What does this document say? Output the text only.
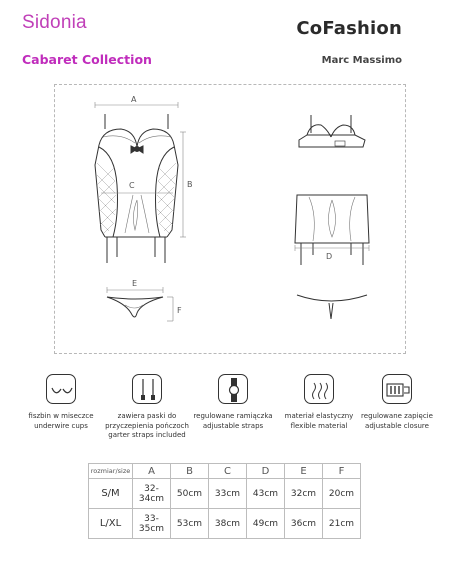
Sidonia
Cabaret Collection
CoFashion
Marc Massimo
A
B
C
D
E
F
fiszbin w miseczce
underwire cups
zawiera paski do
przyczepienia pończoch
garter straps included
regulowane ramiączka
adjustable straps
materiał elastyczny
flexible material
regulowane zapięcie
adjustable closure
rozmiar/size	A	B	C	D	E	F
S/M	32-34cm	50cm	33cm	43cm	32cm	20cm
L/XL	33-35cm	53cm	38cm	49cm	36cm	21cm
